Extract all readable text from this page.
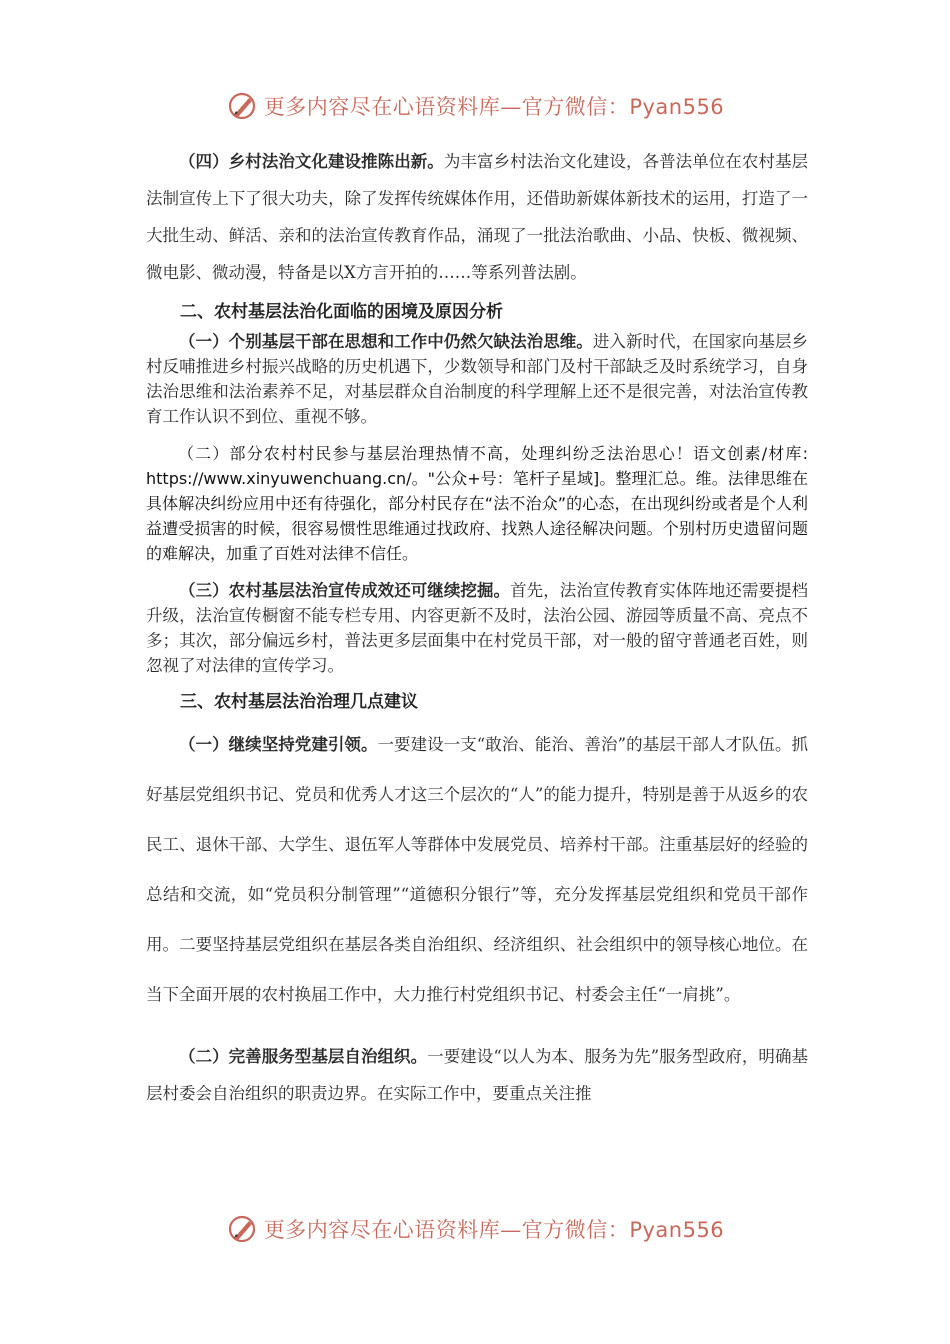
更多内容尽在心语资料库—官方微信：Pyan556

（四）乡村法治文化建设推陈出新。为丰富乡村法治文化建设，各普法单位在农村基层法制宣传上下了很大功夫，除了发挥传统媒体作用，还借助新媒体新技术的运用，打造了一大批生动、鲜活、亲和的法治宣传教育作品，涌现了一批法治歌曲、小品、快板、微视频、微电影、微动漫，特备是以X方言开拍的……等系列普法剧。

二、农村基层法治化面临的困境及原因分析

（一）个别基层干部在思想和工作中仍然欠缺法治思维。进入新时代，在国家向基层乡村反哺推进乡村振兴战略的历史机遇下，少数领导和部门及村干部缺乏及时系统学习，自身法治思维和法治素养不足，对基层群众自治制度的科学理解上还不是很完善，对法治宣传教育工作认识不到位、重视不够。

（二）部分农村村民参与基层治理热情不高，处理纠纷乏法治思心！语文创素/材库: https://www.xinyuwenchuang.cn/。"公众+号：笔杆子星域]。整理汇总。维。法律思维在具体解决纠纷应用中还有待强化，部分村民存在“法不治众”的心态，在出现纠纷或者是个人利益遭受损害的时候，很容易惯性思维通过找政府、找熟人途径解决问题。个别村历史遗留问题的难解决，加重了百姓对法律不信任。

（三）农村基层法治宣传成效还可继续挖掘。首先，法治宣传教育实体阵地还需要提档升级，法治宣传橱窗不能专栏专用、内容更新不及时，法治公园、游园等质量不高、亮点不多；其次，部分偏远乡村，普法更多层面集中在村党员干部，对一般的留守普通老百姓，则忽视了对法律的宣传学习。

三、农村基层法治治理几点建议

（一）继续坚持党建引领。一要建设一支“敢治、能治、善治”的基层干部人才队伍。抓好基层党组织书记、党员和优秀人才这三个层次的“人”的能力提升，特别是善于从返乡的农民工、退休干部、大学生、退伍军人等群体中发展党员、培养村干部。注重基层好的经验的总结和交流，如“党员积分制管理”“道德积分银行”等，充分发挥基层党组织和党员干部作用。二要坚持基层党组织在基层各类自治组织、经济组织、社会组织中的领导核心地位。在当下全面开展的农村换届工作中，大力推行村党组织书记、村委会主任“一肩挑”。

（二）完善服务型基层自治组织。一要建设“以人为本、服务为先”服务型政府，明确基层村委会自治组织的职责边界。在实际工作中，要重点关注推

更多内容尽在心语资料库—官方微信：Pyan556
